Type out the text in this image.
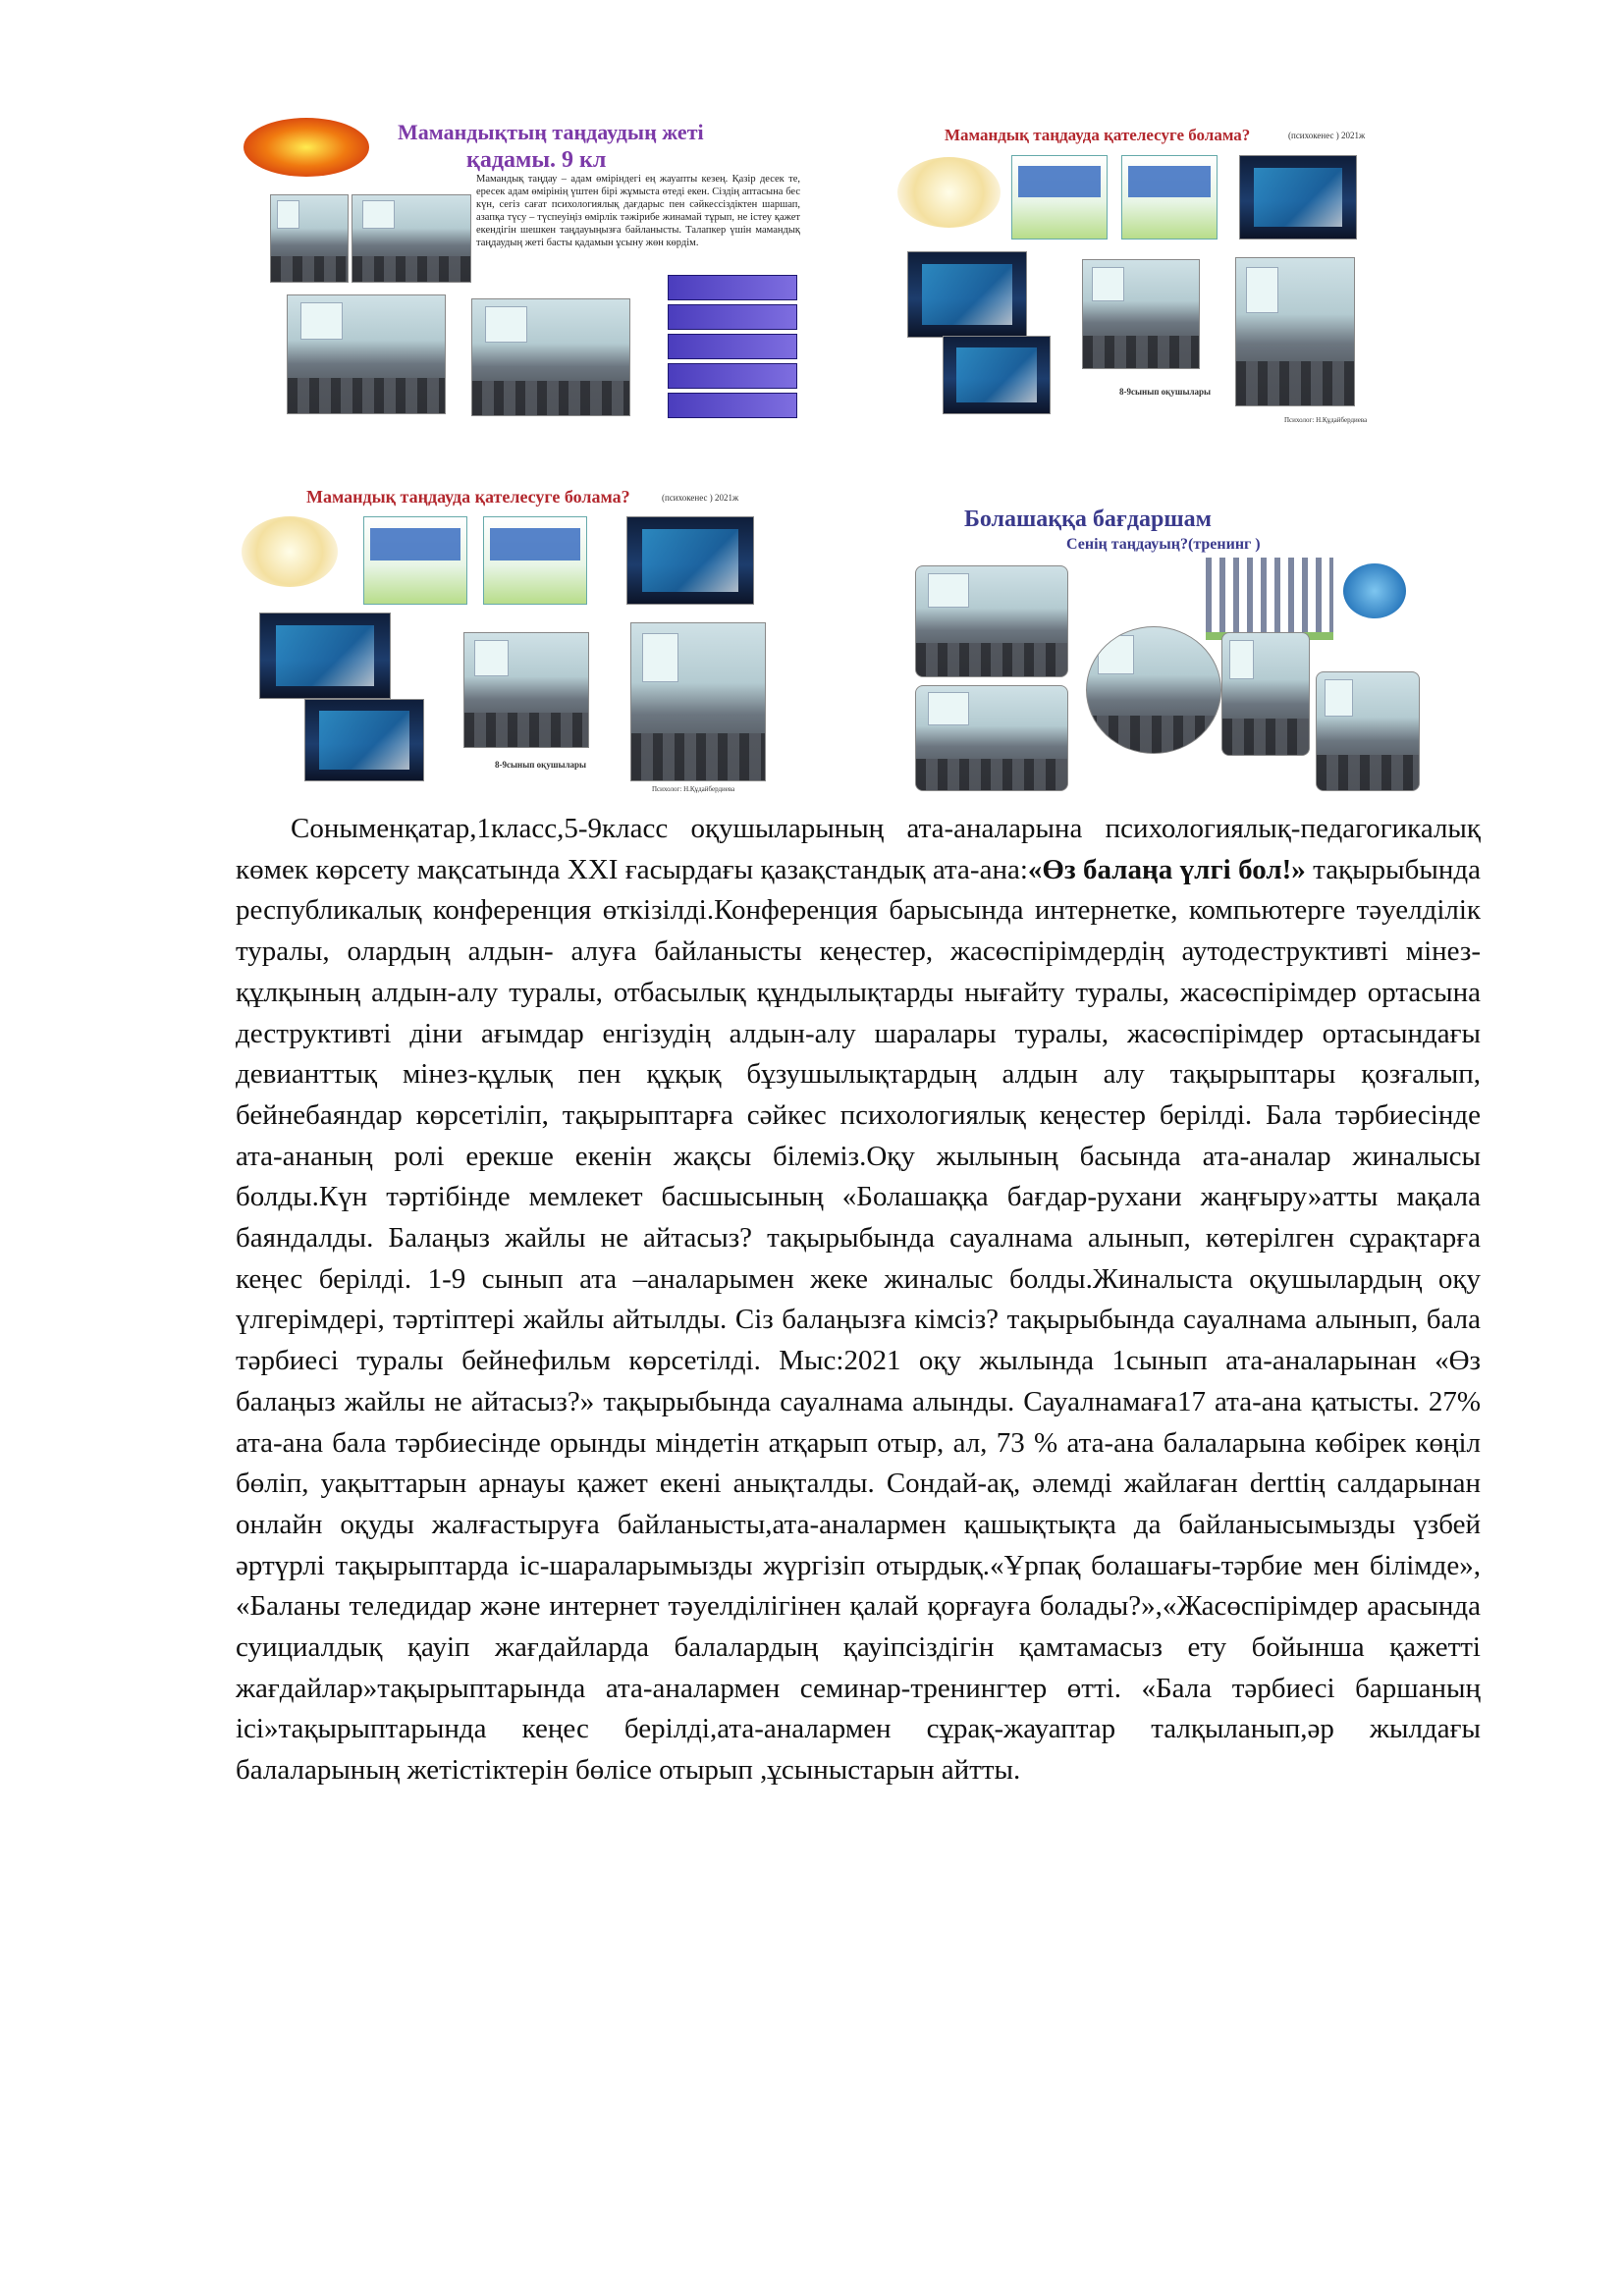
Мамандықтың таңдаудың жеті
қадамы. 9 кл
Мамандық таңдау – адам өміріндегі ең жауапты кезең. Қазір десек те, ересек адам өмірінің үштен бірі жұмыста өтеді екен. Сіздің аптасына бес күн, сегіз сағат психологиялық дағдарыс пен сәйкессіздіктен шаршап, азапқа түсу – түспеуіңіз өмірлік тәжірибе жинамай тұрып, не істеу қажет екендігін шешкен таңдауыңызға байланысты. Талапкер үшін мамандық таңдаудың жеті басты қадамын ұсыну жөн көрдім.
Мамандық таңдауда қателесуге болама?	(психокенес ) 2021ж
8-9сынып оқушылары
Психолог: Н.Құдайбердиева
Мамандық таңдауда қателесуге болама?	(психокенес ) 2021ж
8-9сынып оқушылары
Психолог: Н.Құдайбердиева
Болашаққа бағдаршам
Сенің таңдауың?(тренинг )

Соныменқатар,1класс,5-9класс оқушыларының ата-аналарына психологиялық-педагогикалық көмек көрсету мақсатында XXI ғасырдағы қазақстандық ата-ана:«Өз балаңа үлгі бол!» тақырыбында республикалық конференция өткізілді.Конференция барысында интернетке, компьютерге тәуелділік туралы, олардың алдын- алуға байланысты кеңестер, жасөспірімдердің аутодеструктивті мінез-құлқының алдын-алу туралы, отбасылық құндылықтарды нығайту туралы, жасөспірімдер ортасына деструктивті діни ағымдар енгізудің алдын-алу шаралары туралы, жасөспірімдер ортасындағы девианттық мінез-құлық пен құқық бұзушылықтардың алдын алу тақырыптары қозғалып, бейнебаяндар көрсетіліп, тақырыптарға сәйкес психологиялық кеңестер берілді. Бала тәрбиесінде ата-ананың ролі ерекше екенін жақсы білеміз.Оқу жылының басында ата-аналар жиналысы болды.Күн тәртібінде мемлекет басшысының «Болашаққа бағдар-рухани жаңғыру»атты мақала баяндалды. Балаңыз жайлы не айтасыз? тақырыбында сауалнама алынып, көтерілген сұрақтарға кеңес берілді. 1-9 сынып ата –аналарымен жеке жиналыс болды.Жиналыста оқушылардың оқу үлгерімдері, тәртіптері жайлы айтылды. Сіз балаңызға кімсіз? тақырыбында сауалнама алынып, бала тәрбиесі туралы бейнефильм көрсетілді. Мыс:2021 оқу жылында 1сынып ата-аналарынан «Өз балаңыз жайлы не айтасыз?» тақырыбында сауалнама алынды. Сауалнамаға17 ата-ана қатысты. 27% ата-ана бала тәрбиесінде орынды міндетін атқарып отыр, ал, 73 % ата-ана балаларына көбірек көңіл бөліп, уақыттарын арнауы қажет екені анықталды. Сондай-ақ, әлемді жайлаған derttің салдарынан онлайн оқуды жалғастыруға байланысты,ата-аналармен қашықтықта да байланысымызды үзбей әртүрлі тақырыптарда іс-шараларымызды жүргізіп отырдық.«Ұрпақ болашағы-тәрбие мен білімде», «Баланы теледидар және интернет тәуелділігінен қалай қорғауға болады?»,«Жасөспірімдер арасында суициалдық қауіп жағдайларда балалардың қауіпсіздігін қамтамасыз ету бойынша қажетті жағдайлар»тақырыптарында ата-аналармен семинар-тренингтер өтті. «Бала тәрбиесі баршаның ісі»тақырыптарында кеңес берілді,ата-аналармен сұрақ-жауаптар талқыланып,әр жылдағы балаларының жетістіктерін бөлісе отырып ,ұсыныстарын айтты.
